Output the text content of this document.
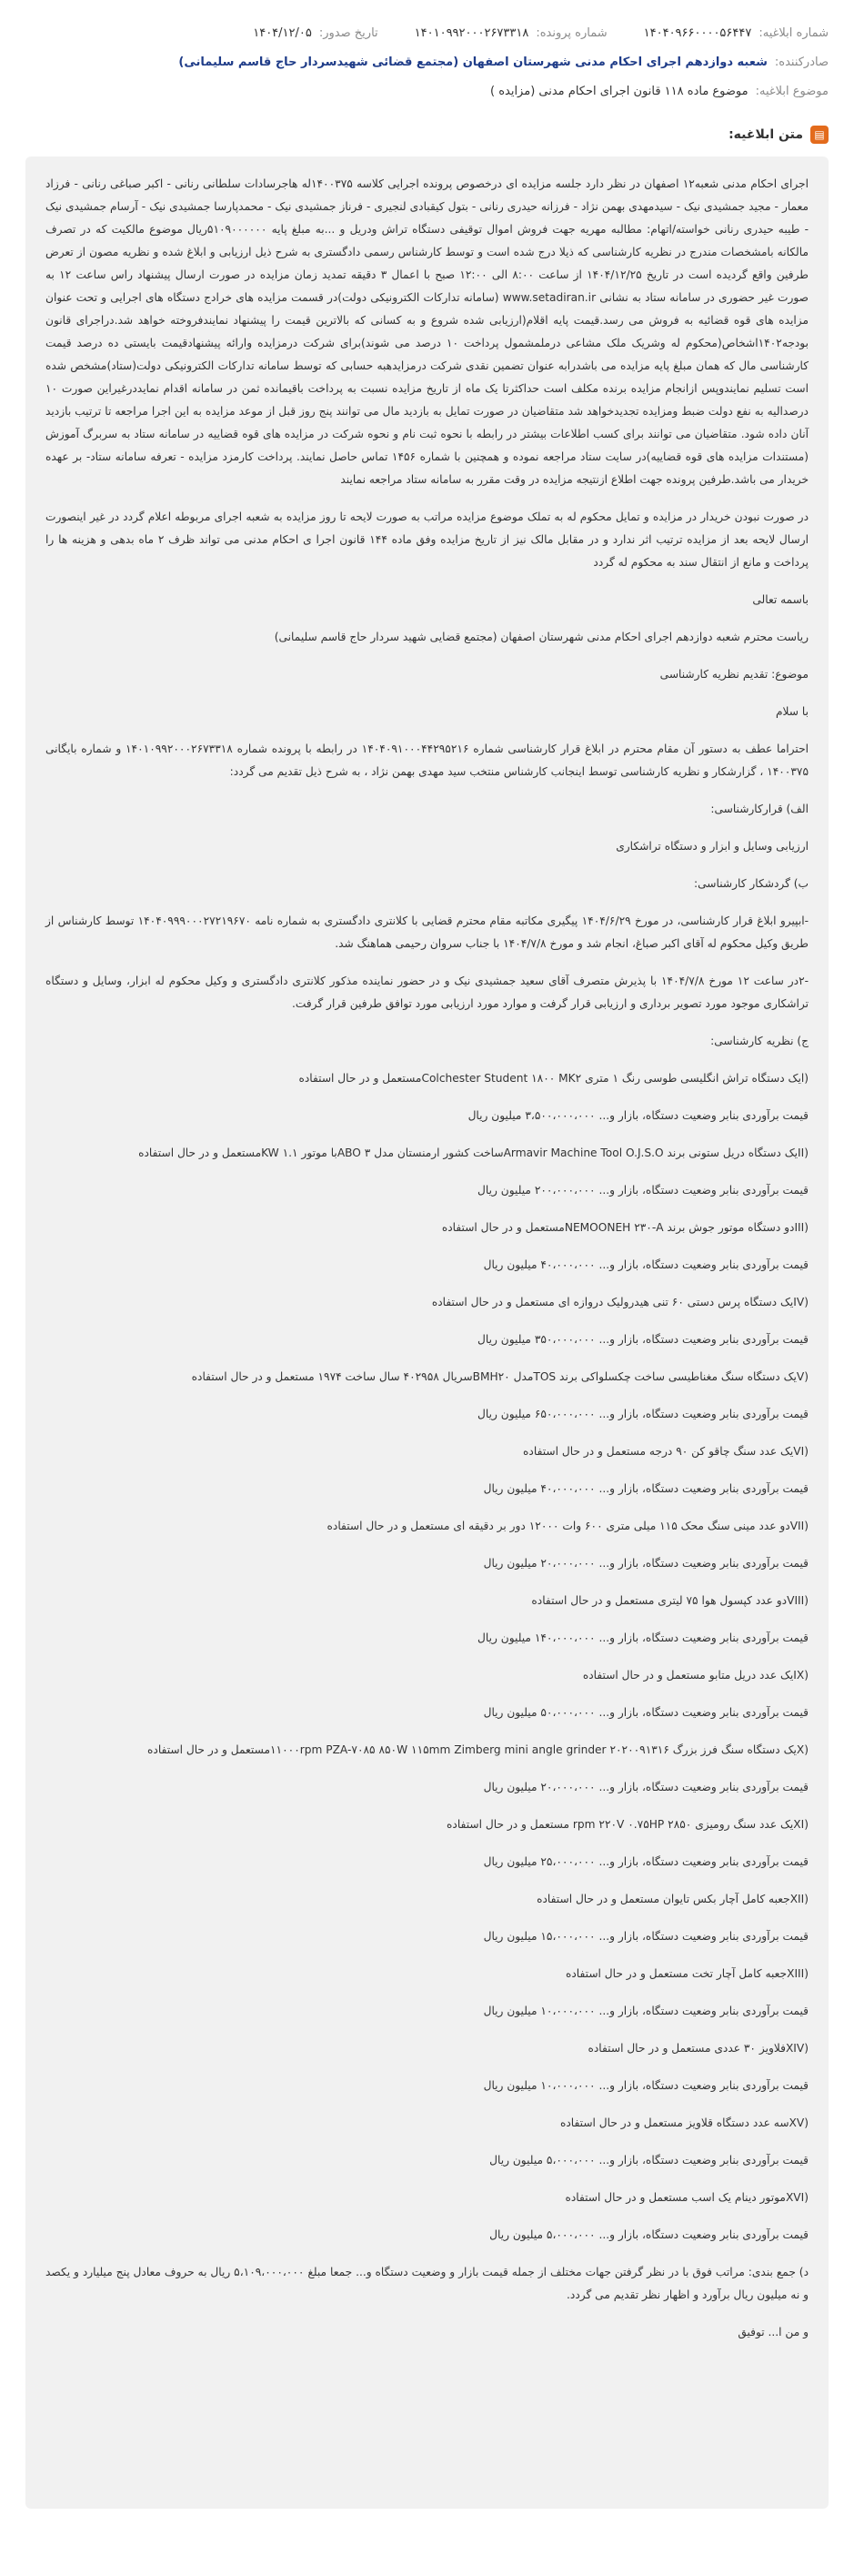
شماره ابلاغیه:
۱۴۰۴۰۹۶۶۰۰۰۰۵۶۴۴۷
شماره پرونده:
۱۴۰۱۰۹۹۲۰۰۰۲۶۷۳۳۱۸
تاریخ صدور:
۱۴۰۴/۱۲/۰۵
صادرکننده:
شعبه دوازدهم اجرای احکام مدنی شهرستان اصفهان (مجتمع قضائی شهیدسردار حاج قاسم سلیمانی)
موضوع ابلاغیه:
موضوع ماده ۱۱۸ قانون اجرای احکام مدنی (مزایده )
▤
متن ابلاغیه:
اجرای احکام مدنی شعبه۱۲ اصفهان در نظر دارد جلسه مزایده ای درخصوص پرونده اجرایی کلاسه ۱۴۰۰۳۷۵له هاجرسادات سلطانی رنانی - اکبر صباغی رنانی - فرزاد معمار - مجید جمشیدی نیک - سیدمهدی بهمن نژاد - فرزانه حیدری رنانی - بتول کیقبادی لنجیری - فرناز جمشیدی نیک - محمدپارسا جمشیدی نیک - آرسام جمشیدی نیک - طیبه حیدری رنانی خواسته/اتهام: مطالبه مهریه جهت فروش اموال توقیفی دستگاه تراش ودریل و ...به مبلغ پایه ۵۱۰۹۰۰۰۰۰۰ریال موضوع مالکیت که در تصرف مالکانه بامشخصات مندرج در نظریه کارشناسی که ذیلا درج شده است و توسط کارشناس رسمی دادگستری به شرح ذیل ارزیابی و ابلاغ شده و نظریه مصون از تعرض طرفین واقع گردیده است در تاریخ ۱۴۰۴/۱۲/۲۵ از ساعت ۸:۰۰ الی ۱۲:۰۰ صبح با اعمال ۳ دقیقه تمدید زمان مزایده در صورت ارسال پیشنهاد راس ساعت ۱۲ به صورت غیر حضوری در سامانه ستاد به نشانی www.setadiran.ir (سامانه تدارکات الکترونیکی دولت)در قسمت مزایده های خرادج دستگاه های اجرایی و تحت عنوان مزایده های قوه قضائیه به فروش می رسد.قیمت پایه اقلام(ارزیابی شده شروع و به کسانی که بالاترین قیمت را پیشنهاد نمایندفروخته خواهد شد.دراجرای قانون بودجه۱۴۰۲اشخاص(محکوم له وشریک ملک مشاعی درملمشمول پرداخت ۱۰ درصد می شوند)برای شرکت درمزایده وارائه پیشنهادقیمت بایستی ده درصد قیمت کارشناسی مال که همان مبلغ پایه مزایده می باشدرابه عنوان تضمین نقدی شرکت درمزایدهبه حسابی که توسط سامانه تدارکات الکترونیکی دولت(ستاد)مشخص شده است تسلیم نمایندوپس ازانجام مزایده برنده مکلف است حداکثرتا یک ماه از تاریخ مزایده نسبت به پرداخت باقیمانده ثمن در سامانه اقدام نمایددرغیراین صورت ۱۰ درصدالیه به نفع دولت ضبط ومزایده تجدیدخواهد شد متقاضیان در صورت تمایل به بازدید مال می توانند پنج روز قبل از موعد مزایده به این اجرا مراجعه تا ترتیب بازدید آنان داده شود. متقاضیان می توانند برای کسب اطلاعات بیشتر در رابطه با نحوه ثبت نام و نحوه شرکت در مزایده های قوه قضاییه در سامانه ستاد به سربرگ آموزش (مستندات مزایده های قوه قضاییه)در سایت ستاد مراجعه نموده و همچنین با شماره ۱۴۵۶ تماس حاصل نمایند. پرداخت کارمزد مزایده - تعرفه سامانه ستاد- بر عهده خریدار می باشد.طرفین پرونده جهت اطلاع ازنتیجه مزایده در وقت مقرر به سامانه ستاد مراجعه نمایند
در صورت نبودن خریدار در مزایده و تمایل محکوم له به تملک موضوع مزایده مراتب به صورت لایحه تا روز مزایده به شعبه اجرای مربوطه اعلام گردد در غیر اینصورت ارسال لایحه بعد از مزایده ترتیب اثر ندارد و در مقابل مالک نیز از تاریخ مزایده وفق ماده ۱۴۴ قانون اجرا ی احکام مدنی می تواند ظرف ۲ ماه بدهی و هزینه ها را پرداخت و مانع از انتقال سند به محکوم له گردد
باسمه تعالی
ریاست محترم شعبه دوازدهم اجرای احکام مدنی شهرستان اصفهان (مجتمع قضایی شهید سردار حاج قاسم سلیمانی)
موضوع: تقدیم نظریه کارشناسی
با سلام
احتراما عطف به دستور آن مقام محترم در ابلاغ قرار کارشناسی شماره ۱۴۰۴۰۹۱۰۰۰۴۴۲۹۵۲۱۶ در رابطه با پرونده شماره ۱۴۰۱۰۹۹۲۰۰۰۲۶۷۳۳۱۸ و شماره بایگانی ۱۴۰۰۳۷۵ ، گزارشکار و نظریه کارشناسی توسط اینجانب کارشناس منتخب سید مهدی بهمن نژاد ، به شرح ذیل تقدیم می گردد:
الف) قرارکارشناسی:
ارزیابی وسایل و ابزار و دستگاه تراشکاری
ب) گردشکار کارشناسی:
-ابپیرو ابلاغ قرار کارشناسی، در مورخ ۱۴۰۴/۶/۲۹ پیگیری مکاتبه مقام محترم قضایی با کلانتری دادگستری به شماره نامه ۱۴۰۴۰۹۹۹۰۰۰۲۷۲۱۹۶۷۰ توسط کارشناس از طریق وکیل محکوم له آقای اکبر صباغ، انجام شد و مورخ ۱۴۰۴/۷/۸ با جناب سروان رحیمی هماهنگ شد.
-۲در ساعت ۱۲ مورخ ۱۴۰۴/۷/۸ با پذیرش متصرف آقای سعید جمشیدی نیک و در حضور نماینده مذکور کلانتری دادگستری و وکیل محکوم له ابزار، وسایل و دستگاه تراشکاری موجود مورد تصویر برداری و ارزیابی قرار گرفت و موارد مورد ارزیابی مورد توافق طرفین قرار گرفت.
ج) نظریه کارشناسی:
(ایک دستگاه تراش انگلیسی طوسی رنگ ۱ متری Colchester Student ۱۸۰۰ MK۲مستعمل و در حال استفاده
قیمت برآوردی بنابر وضعیت دستگاه، بازار و... ۳،۵۰۰،۰۰۰،۰۰۰ میلیون ریال
(IIیک دستگاه دریل ستونی برند Armavir Machine Tool O.J.S.Oساخت کشور ارمنستان مدل ۳ ABOبا موتور ۱.۱ KWمستعمل و در حال استفاده
قیمت برآوردی بنابر وضعیت دستگاه، بازار و... ۲۰۰،۰۰۰،۰۰۰ میلیون ریال
(IIIدو دستگاه موتور جوش برند NEMOONEH ۲۳۰-Aمستعمل و در حال استفاده
قیمت برآوردی بنابر وضعیت دستگاه، بازار و... ۴۰،۰۰۰،۰۰۰ میلیون ریال
(IVیک دستگاه پرس دستی ۶۰ تنی هیدرولیک دروازه ای مستعمل و در حال استفاده
قیمت برآوردی بنابر وضعیت دستگاه، بازار و... ۳۵۰،۰۰۰،۰۰۰ میلیون ریال
(Vیک دستگاه سنگ مغناطیسی ساخت چکسلواکی برند TOSمدل BMH۲۰سریال ۴۰۲۹۵۸ سال ساخت ۱۹۷۴ مستعمل و در حال استفاده
قیمت برآوردی بنابر وضعیت دستگاه، بازار و... ۶۵۰،۰۰۰،۰۰۰ میلیون ریال
(VIیک عدد سنگ چاقو کن ۹۰ درجه مستعمل و در حال استفاده
قیمت برآوردی بنابر وضعیت دستگاه، بازار و... ۴۰،۰۰۰،۰۰۰ میلیون ریال
(VIIدو عدد مینی سنگ محک ۱۱۵ میلی متری ۶۰۰ وات ۱۲۰۰۰ دور بر دقیقه ای مستعمل و در حال استفاده
قیمت برآوردی بنابر وضعیت دستگاه، بازار و... ۲۰،۰۰۰،۰۰۰ میلیون ریال
(VIIIدو عدد کپسول هوا ۷۵ لیتری مستعمل و در حال استفاده
قیمت برآوردی بنابر وضعیت دستگاه، بازار و... ۱۴۰،۰۰۰،۰۰۰ میلیون ریال
(IXیک عدد دریل متابو مستعمل و در حال استفاده
قیمت برآوردی بنابر وضعیت دستگاه، بازار و... ۵۰،۰۰۰،۰۰۰ میلیون ریال
(Xیک دستگاه سنگ فرز بزرگ ۲۰۲۰۰۹۱۳۱۶ ۱۱۰۰۰rpm PZA-۷۰۸۵ ۸۵۰W ۱۱۵mm Zimberg mini angle grinderمستعمل و در حال استفاده
قیمت برآوردی بنابر وضعیت دستگاه، بازار و... ۲۰،۰۰۰،۰۰۰ میلیون ریال
(XIیک عدد سنگ رومیزی ۲۸۵۰ rpm ۲۲۰V ۰.۷۵HP مستعمل و در حال استفاده
قیمت برآوردی بنابر وضعیت دستگاه، بازار و... ۲۵،۰۰۰،۰۰۰ میلیون ریال
(XIIجعبه کامل آچار بکس تایوان مستعمل و در حال استفاده
قیمت برآوردی بنابر وضعیت دستگاه، بازار و... ۱۵،۰۰۰،۰۰۰ میلیون ریال
(XIIIجعبه کامل آچار تخت مستعمل و در حال استفاده
قیمت برآوردی بنابر وضعیت دستگاه، بازار و... ۱۰،۰۰۰،۰۰۰ میلیون ریال
(XIVفلاویز ۳۰ عددی مستعمل و در حال استفاده
قیمت برآوردی بنابر وضعیت دستگاه، بازار و... ۱۰،۰۰۰،۰۰۰ میلیون ریال
(XVسه عدد دستگاه قلاویز مستعمل و در حال استفاده
قیمت برآوردی بنابر وضعیت دستگاه، بازار و... ۵،۰۰۰،۰۰۰ میلیون ریال
(XVIموتور دینام یک اسب مستعمل و در حال استفاده
قیمت برآوردی بنابر وضعیت دستگاه، بازار و... ۵،۰۰۰،۰۰۰ میلیون ریال
د) جمع بندی: مراتب فوق با در نظر گرفتن جهات مختلف از جمله قیمت بازار و وضعیت دستگاه و... جمعا مبلغ ۵،۱۰۹،۰۰۰،۰۰۰ ریال به حروف معادل پنج میلیارد و یکصد و نه میلیون ریال برآورد و اظهار نظر تقدیم می گردد.
و من ا... توفیق
